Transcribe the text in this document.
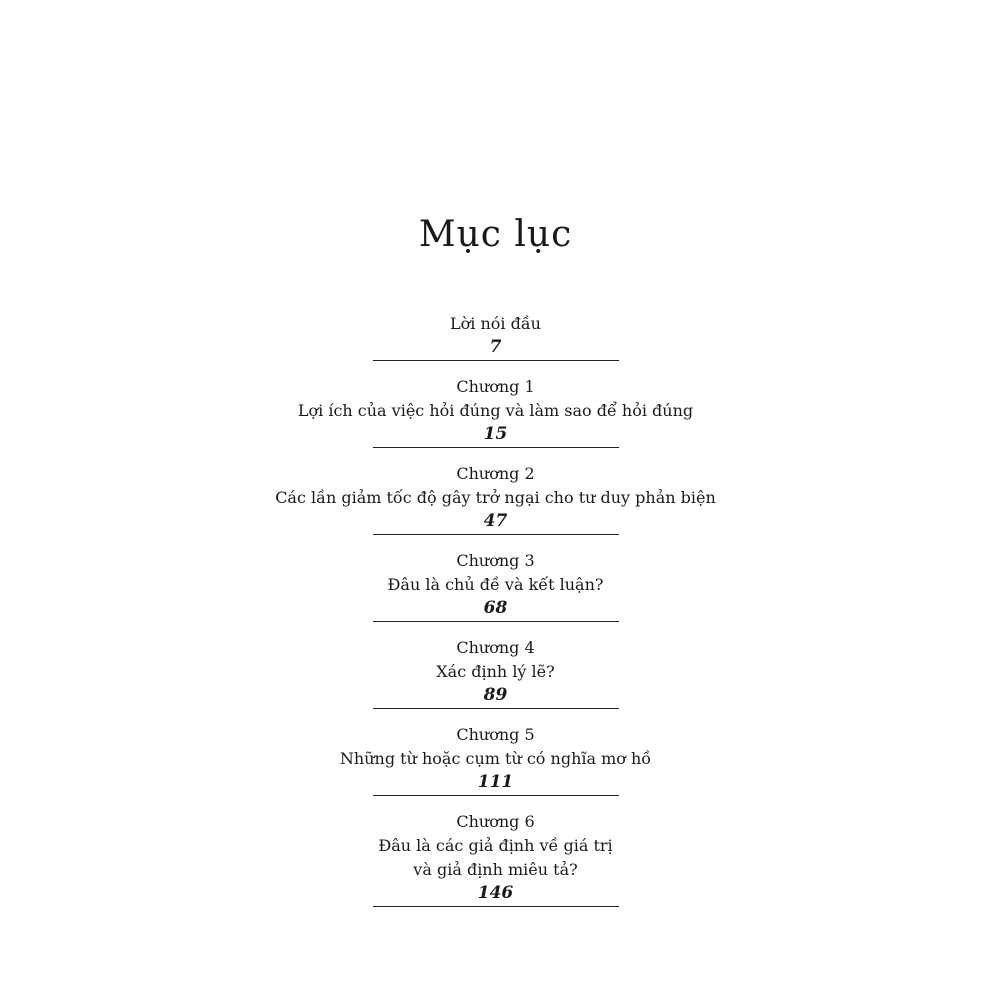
Mục lục
Lời nói đầu
7
Chương 1
Lợi ích của việc hỏi đúng và làm sao để hỏi đúng
15
Chương 2
Các lần giảm tốc độ gây trở ngại cho tư duy phản biện
47
Chương 3
Đâu là chủ đề và kết luận?
68
Chương 4
Xác định lý lẽ?
89
Chương 5
Những từ hoặc cụm từ có nghĩa mơ hồ
111
Chương 6
Đâu là các giả định về giá trị
và giả định miêu tả?
146
